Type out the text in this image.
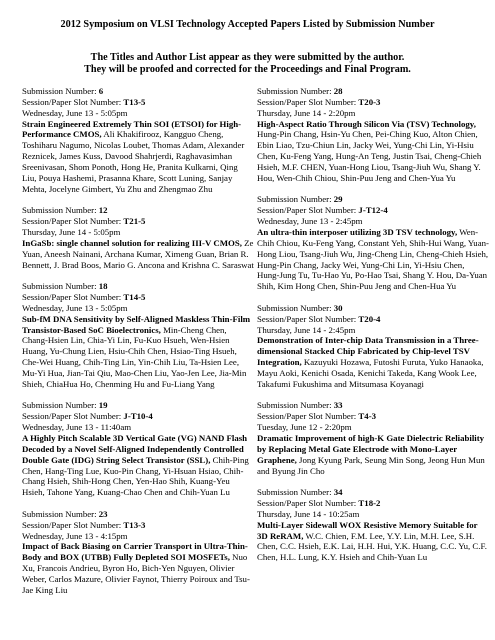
2012 Symposium on VLSI Technology Accepted Papers Listed by Submission Number
The Titles and Author List appear as they were submitted by the author.
They will be proofed and corrected for the Proceedings and Final Program.
Submission Number: 6
Session/Paper Slot Number: T13-5
Wednesday, June 13 - 5:05pm
Strain Engineered Extremely Thin SOI (ETSOI) for High-Performance CMOS, Ali Khakifirooz, Kangguo Cheng, Toshiharu Nagumo, Nicolas Loubet, Thomas Adam, Alexander Reznicek, James Kuss, Davood Shahrjerdi, Raghavasimhan Sreenivasan, Shom Ponoth, Hong He, Pranita Kulkarni, Qing Liu, Pouya Hashemi, Prasanna Khare, Scott Luning, Sanjay Mehta, Jocelyne Gimbert, Yu Zhu and Zhengmao Zhu
Submission Number: 12
Session/Paper Slot Number: T21-5
Thursday, June 14 - 5:05pm
InGaSb: single channel solution for realizing III-V CMOS, Ze Yuan, Aneesh Nainani, Archana Kumar, Ximeng Guan, Brian R. Bennett, J. Brad Boos, Mario G. Ancona and Krishna C. Saraswat
Submission Number: 18
Session/Paper Slot Number: T14-5
Wednesday, June 13 - 5:05pm
Sub-fM DNA Sensitivity by Self-Aligned Maskless Thin-Film Transistor-Based SoC Bioelectronics, Min-Cheng Chen, Chang-Hsien Lin, Chia-Yi Lin, Fu-Kuo Hsueh, Wen-Hsien Huang, Yu-Chung Lien, Hsiu-Chih Chen, Hsiao-Ting Hsueh, Che-Wei Huang, Chih-Ting Lin, Yin-Chih Liu, Ta-Hsien Lee, Mu-Yi Hua, Jian-Tai Qiu, Mao-Chen Liu, Yao-Jen Lee, Jia-Min Shieh, ChiaHua Ho, Chenming Hu and Fu-Liang Yang
Submission Number: 19
Session/Paper Slot Number: J-T10-4
Wednesday, June 13 - 11:40am
A Highly Pitch Scalable 3D Vertical Gate (VG) NAND Flash Decoded by a Novel Self-Aligned Independently Controlled Double Gate (IDG) String Select Transistor (SSL), Chih-Ping Chen, Hang-Ting Lue, Kuo-Pin Chang, Yi-Hsuan Hsiao, Chih-Chang Hsieh, Shih-Hong Chen, Yen-Hao Shih, Kuang-Yeu Hsieh, Tahone Yang, Kuang-Chao Chen and Chih-Yuan Lu
Submission Number: 23
Session/Paper Slot Number: T13-3
Wednesday, June 13 - 4:15pm
Impact of Back Biasing on Carrier Transport in Ultra-Thin-Body and BOX (UTBB) Fully Depleted SOI MOSFETs, Nuo Xu, Francois Andrieu, Byron Ho, Bich-Yen Nguyen, Olivier Weber, Carlos Mazure, Olivier Faynot, Thierry Poiroux and Tsu-Jae King Liu
Submission Number: 28
Session/Paper Slot Number: T20-3
Thursday, June 14 - 2:20pm
High-Aspect Ratio Through Silicon Via (TSV) Technology, Hung-Pin Chang, Hsin-Yu Chen, Pei-Ching Kuo, Alton Chien, Ebin Liao, Tzu-Chiun Lin, Jacky Wei, Yung-Chi Lin, Yi-Hsiu Chen, Ku-Feng Yang, Hung-An Teng, Justin Tsai, Cheng-Chieh Hsieh, M.F. CHEN, Yuan-Hong Liou, Tsang-Jiuh Wu, Shang Y. Hou, Wen-Chih Chiou, Shin-Puu Jeng and Chen-Yua Yu
Submission Number: 29
Session/Paper Slot Number: J-T12-4
Wednesday, June 13 - 2:45pm
An ultra-thin interposer utilizing 3D TSV technology, Wen-Chih Chiou, Ku-Feng Yang, Constant Yeh, Shih-Hui Wang, Yuan-Hong Liou, Tsang-Jiuh Wu, Jing-Cheng Lin, Cheng-Chieh Hsieh, Hung-Pin Chang, Jacky Wei, Yung-Chi Lin, Yi-Hsiu Chen, Hung-Jung Tu, Tu-Hao Yu, Po-Hao Tsai, Shang Y. Hou, Da-Yuan Shih, Kim Hong Chen, Shin-Puu Jeng and Chen-Hua Yu
Submission Number: 30
Session/Paper Slot Number: T20-4
Thursday, June 14 - 2:45pm
Demonstration of Inter-chip Data Transmission in a Three-dimensional Stacked Chip Fabricated by Chip-level TSV Integration, Kazuyuki Hozawa, Futoshi Furuta, Yuko Hanaoka, Mayu Aoki, Kenichi Osada, Kenichi Takeda, Kang Wook Lee, Takafumi Fukushima and Mitsumasa Koyanagi
Submission Number: 33
Session/Paper Slot Number: T4-3
Tuesday, June 12 - 2:20pm
Dramatic Improvement of high-K Gate Dielectric Reliability by Replacing Metal Gate Electrode with Mono-Layer Graphene, Jong Kyung Park, Seung Min Song, Jeong Hun Mun and Byung Jin Cho
Submission Number: 34
Session/Paper Slot Number: T18-2
Thursday, June 14 - 10:25am
Multi-Layer Sidewall WOX Resistive Memory Suitable for 3D ReRAM, W.C. Chien, F.M. Lee, Y.Y. Lin, M.H. Lee, S.H. Chen, C.C. Hsieh, E.K. Lai, H.H. Hui, Y.K. Huang, C.C. Yu, C.F. Chen, H.L. Lung, K.Y. Hsieh and Chih-Yuan Lu
